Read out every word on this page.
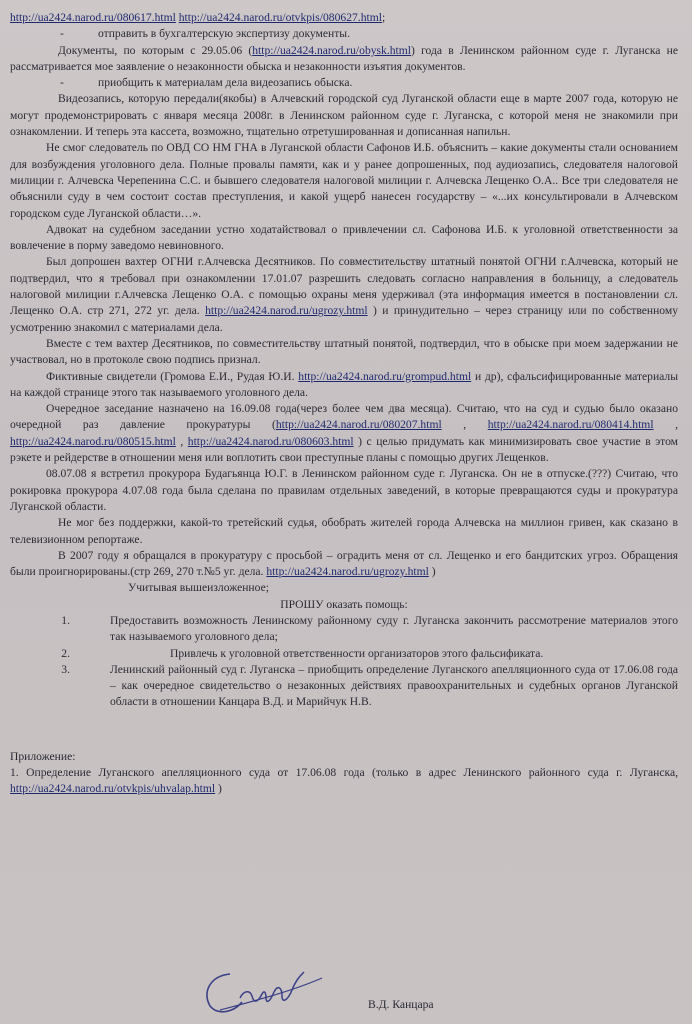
http://ua2424.narod.ru/080617.html http://ua2424.narod.ru/otvkpis/080627.html;

-	отправить в бухгалтерскую экспертизу документы.

Документы, по которым с 29.05.06 (http://ua2424.narod.ru/obysk.html) года в Ленинском районном суде г. Луганска не рассматривается мое заявление о незаконности обыска и незаконности изъятия документов.

-	приобщить к материалам дела видеозапись обыска.

Видеозапись, которую передали(якобы) в Алчевский городской суд Луганской области еще в марте 2007 года, которую не могут продемонстрировать с января месяца 2008г. в Ленинском районном суде г. Луганска, с которой меня не знакомили при ознакомлении. И теперь эта кассета, возможно, тщательно отретушированная и дописанная напильн.

Не смог следователь по ОВД СО НМ ГНА в Луганской области Сафонов И.Б. объяснить – какие документы стали основанием для возбуждения уголовного дела. Полные провалы памяти, как и у ранее допрошенных, под аудиозапись, следователя налоговой милиции г. Алчевска Черепенина С.С. и бывшего следователя налоговой милиции г. Алчевска Лещенко О.А.. Все три следователя не объяснили суду в чем состоит состав преступления, и какой ущерб нанесен государству – «...их консультировали в Алчевском городском суде Луганской области…».

Адвокат на судебном заседании устно ходатайствовал о привлечении сл. Сафонова И.Б. к уголовной ответственности за вовлечение в порму заведомо невиновного.

Был допрошен вахтер ОГНИ г.Алчевска Десятников. По совместительству штатный понятой ОГНИ г.Алчевска, который не подтвердил, что я требовал при ознакомлении 17.01.07 разрешить следовать согласно направления в больницу, а следователь налоговой милиции г.Алчевска Лещенко О.А. с помощью охраны меня удерживал (эта информация имеется в постановлении сл. Лещенко О.А. стр 271, 272 уг. дела. http://ua2424.narod.ru/ugrozy.html ) и принудительно – через страницу или по собственному усмотрению знакомил с материалами дела.

Вместе с тем вахтер Десятников, по совместительству штатный понятой, подтвердил, что в обыске при моем задержании не участвовал, но в протоколе свою подпись признал.

Фиктивные свидетели (Громова Е.И., Рудая Ю.И. http://ua2424.narod.ru/grompud.html и др), сфальсифицированные материалы на каждой странице этого так называемого уголовного дела.

Очередное заседание назначено на 16.09.08 года(через более чем два месяца). Считаю, что на суд и судью было оказано очередной раз давление прокуратуры (http://ua2424.narod.ru/080207.html , http://ua2424.narod.ru/080414.html , http://ua2424.narod.ru/080515.html , http://ua2424.narod.ru/080603.html ) с целью придумать как минимизировать свое участие в этом рэкете и рейдерстве в отношении меня или воплотить свои преступные планы с помощью других Лещенков.

08.07.08 я встретил прокурора Будагьянца Ю.Г. в Ленинском районном суде г. Луганска. Он не в отпуске.(???) Считаю, что рокировка прокурора 4.07.08 года была сделана по правилам отдельных заведений, в которые превращаются суды и прокуратура Луганской области.

Не мог без поддержки, какой-то третейский судья, обобрать жителей города Алчевска на миллион гривен, как сказано в телевизионном репортаже.

В 2007 году я обращался в прокуратуру с просьбой – оградить меня от сл. Лещенко и его бандитских угроз. Обращения были проигнорированы.(стр 269, 270 т.№5 уг. дела. http://ua2424.narod.ru/ugrozy.html )

Учитывая вышеизложенное;

ПРОШУ оказать помощь:

1.	Предоставить возможность Ленинскому районному суду г. Луганска закончить рассмотрение материалов этого так называемого уголовного дела;
2.	Привлечь к уголовной ответственности организаторов этого фальсификата.
3.	Ленинский районный суд г. Луганска – приобщить определение Луганского апелляционного суда от 17.06.08 года – как очередное свидетельство о незаконных действиях правоохранительных и судебных органов Луганской области в отношении Канцара В.Д. и Марийчук Н.В.

Приложение:

1. Определение Луганского апелляционного суда от 17.06.08 года (только в адрес Ленинского районного суда г. Луганска, http://ua2424.narod.ru/otvkpis/uhvalap.html )

В.Д. Канцара
